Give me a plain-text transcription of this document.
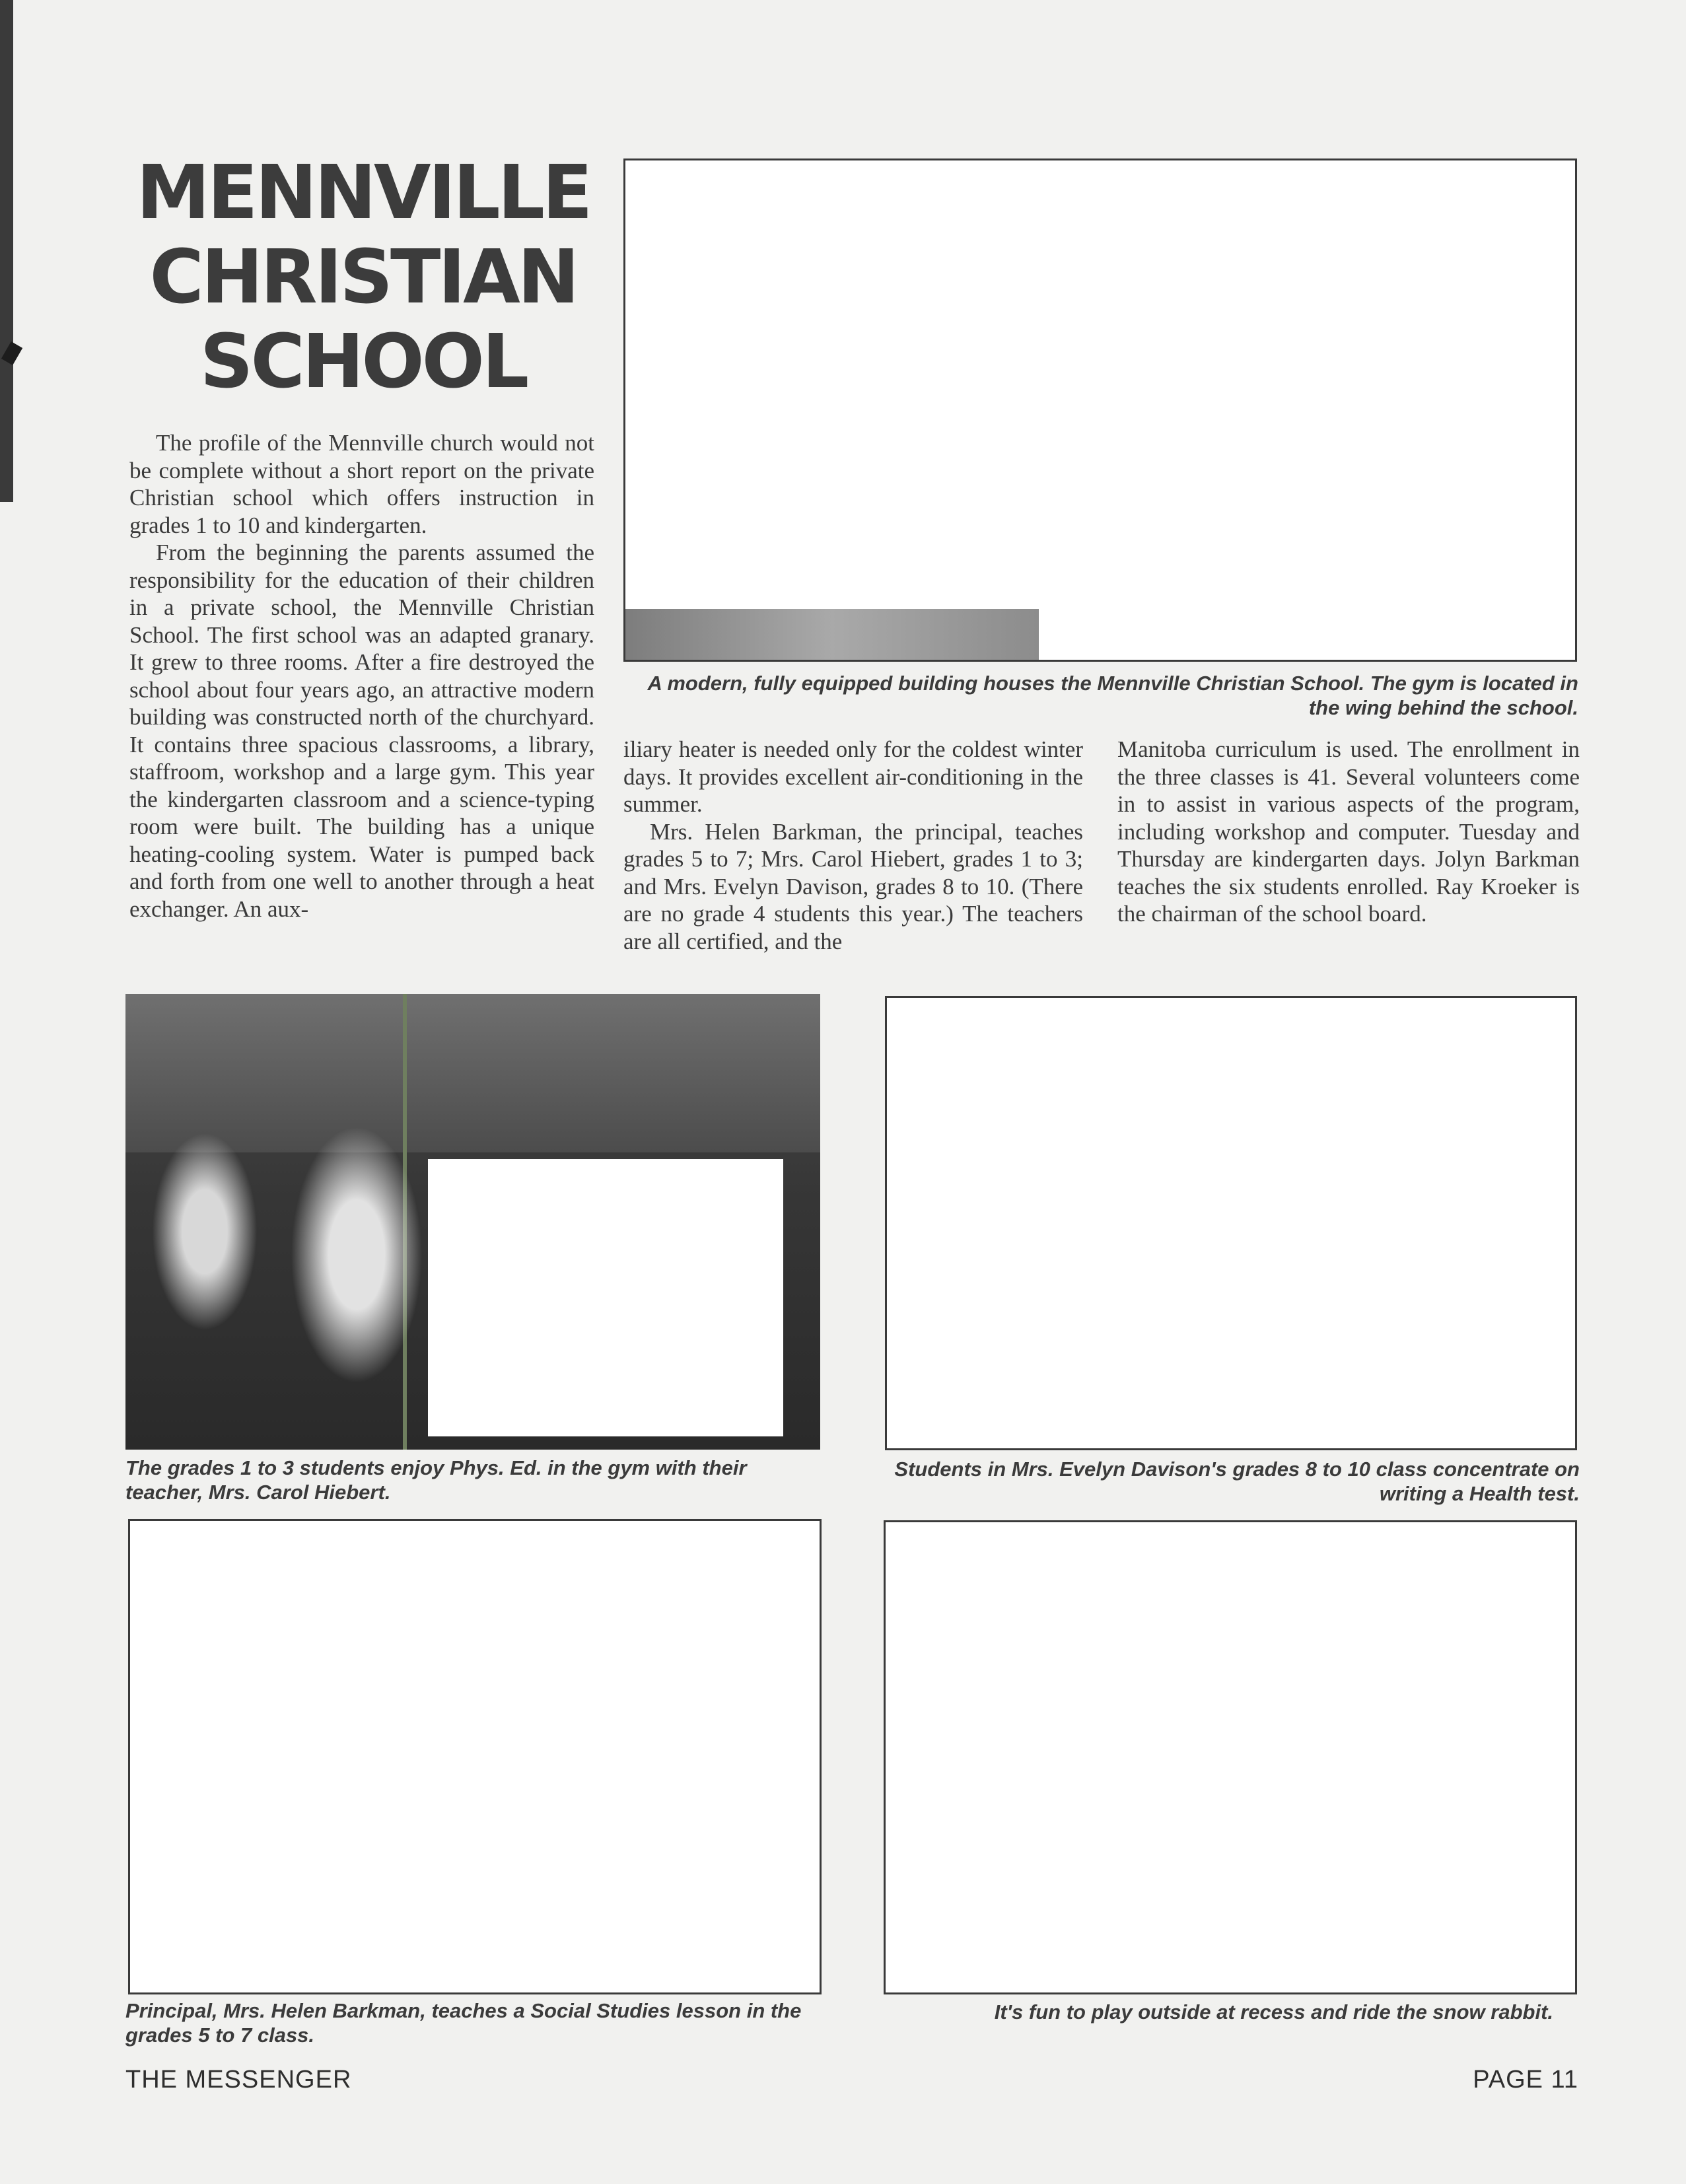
MENNVILLE
CHRISTIAN
SCHOOL

The profile of the Mennville church would not be complete without a short report on the private Christian school which offers instruction in grades 1 to 10 and kindergarten.

From the beginning the parents assumed the responsibility for the education of their children in a private school, the Mennville Christian School. The first school was an adapted granary. It grew to three rooms. After a fire destroyed the school about four years ago, an attractive modern building was constructed north of the churchyard. It contains three spacious classrooms, a library, staffroom, workshop and a large gym. This year the kindergarten classroom and a science-typing room were built. The building has a unique heating-cooling system. Water is pumped back and forth from one well to another through a heat exchanger. An aux-

A modern, fully equipped building houses the Mennville Christian School. The gym is located in the wing behind the school.

iliary heater is needed only for the coldest winter days. It provides excellent air-conditioning in the summer.

Mrs. Helen Barkman, the principal, teaches grades 5 to 7; Mrs. Carol Hiebert, grades 1 to 3; and Mrs. Evelyn Davison, grades 8 to 10. (There are no grade 4 students this year.) The teachers are all certified, and the

Manitoba curriculum is used. The enrollment in the three classes is 41. Several volunteers come in to assist in various aspects of the program, including workshop and computer. Tuesday and Thursday are kindergarten days. Jolyn Barkman teaches the six students enrolled. Ray Kroeker is the chairman of the school board.

The grades 1 to 3 students enjoy Phys. Ed. in the gym with their teacher, Mrs. Carol Hiebert.
Students in Mrs. Evelyn Davison's grades 8 to 10 class concentrate on writing a Health test.
Principal, Mrs. Helen Barkman, teaches a Social Studies lesson in the grades 5 to 7 class.
It's fun to play outside at recess and ride the snow rabbit.
THE MESSENGER	PAGE 11
